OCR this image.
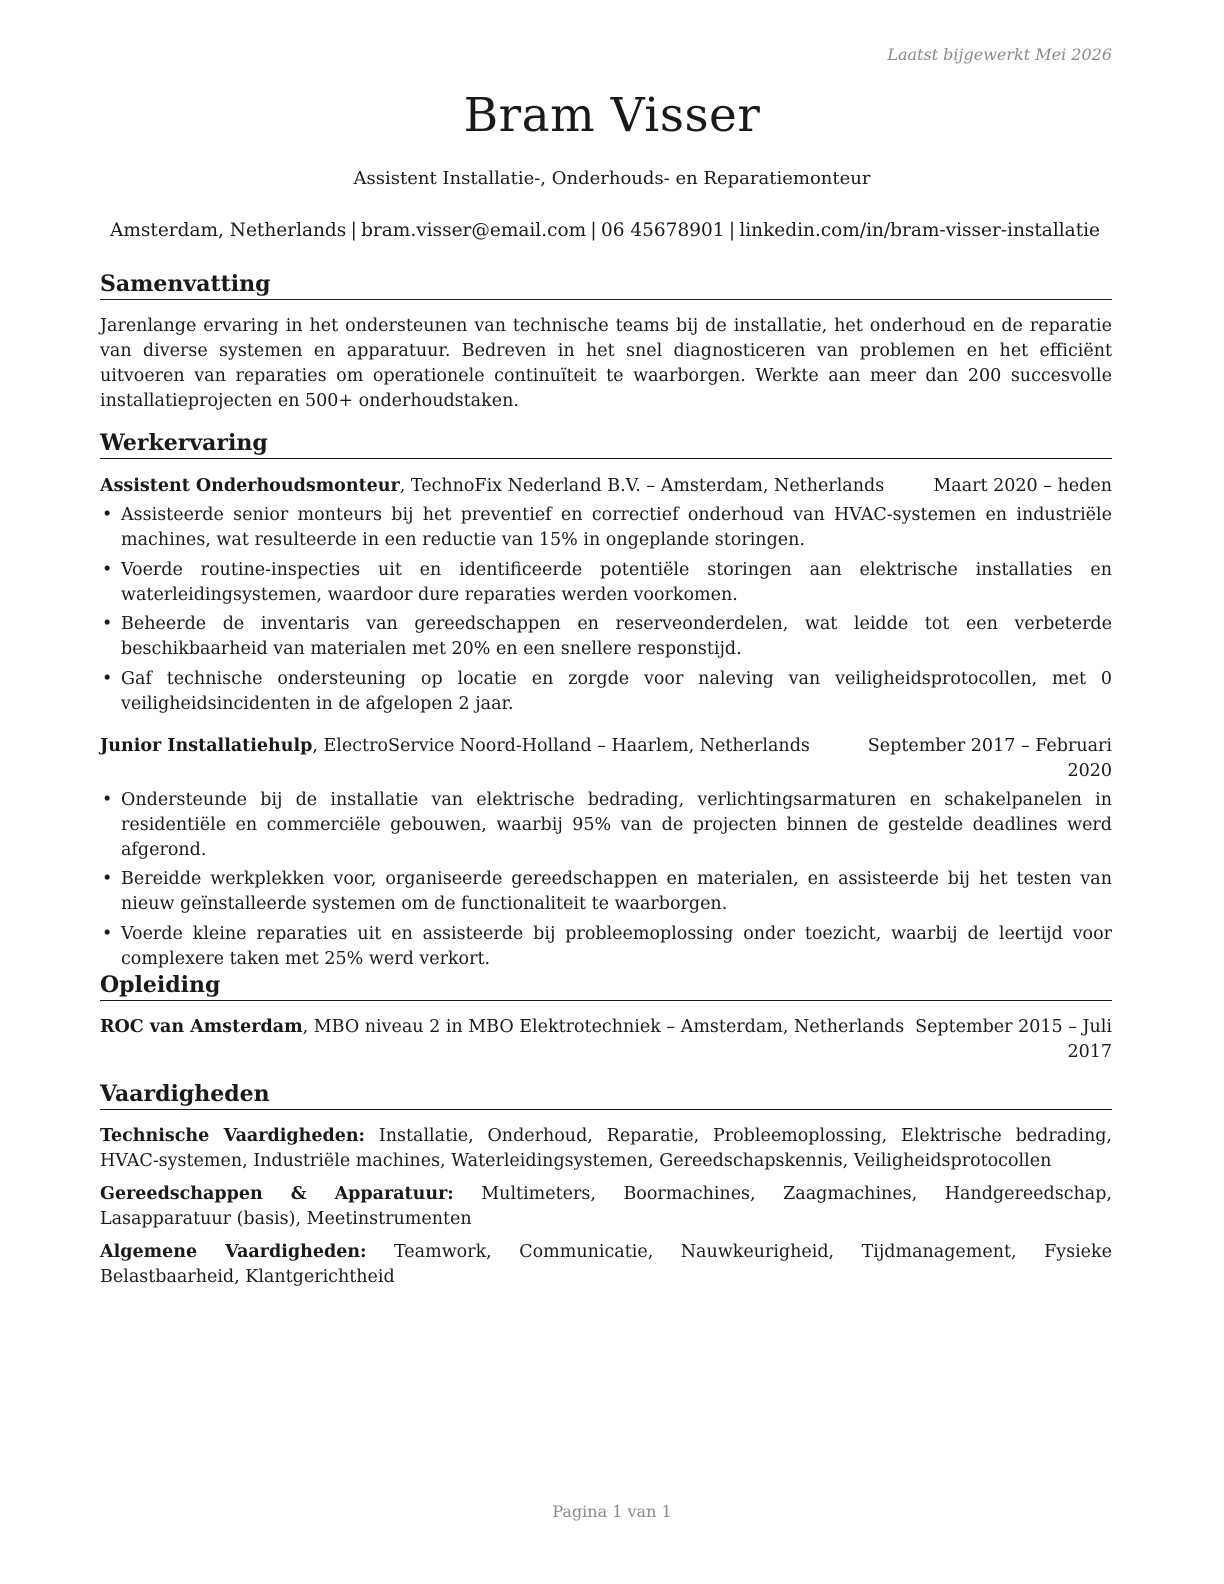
Laatst bijgewerkt Mei 2026
Bram Visser
Assistent Installatie-, Onderhouds- en Reparatiemonteur
Amsterdam, Netherlands | bram.visser@email.com | 06 45678901 | linkedin.com/in/bram-visser-installatie
Samenvatting
Jarenlange ervaring in het ondersteunen van technische teams bij de installatie, het onderhoud en de reparatie van diverse systemen en apparatuur. Bedreven in het snel diagnosticeren van problemen en het efficiënt uitvoeren van reparaties om operationele continuïteit te waarborgen. Werkte aan meer dan 200 succesvolle installatieprojecten en 500+ onderhoudstaken.
Werkervaring
Assistent Onderhoudsmonteur, TechnoFix Nederland B.V. – Amsterdam, Netherlands	Maart 2020 – heden
• Assisteerde senior monteurs bij het preventief en correctief onderhoud van HVAC-systemen en industriële machines, wat resulteerde in een reductie van 15% in ongeplande storingen.
• Voerde routine-inspecties uit en identificeerde potentiële storingen aan elektrische installaties en waterleidingsystemen, waardoor dure reparaties werden voorkomen.
• Beheerde de inventaris van gereedschappen en reserveonderdelen, wat leidde tot een verbeterde beschikbaarheid van materialen met 20% en een snellere responstijd.
• Gaf technische ondersteuning op locatie en zorgde voor naleving van veiligheidsprotocollen, met 0 veiligheidsincidenten in de afgelopen 2 jaar.
Junior Installatiehulp, ElectroService Noord-Holland – Haarlem, Netherlands	September 2017 – Februari
2020
• Ondersteunde bij de installatie van elektrische bedrading, verlichtingsarmaturen en schakelpanelen in residentiële en commerciële gebouwen, waarbij 95% van de projecten binnen de gestelde deadlines werd afgerond.
• Bereidde werkplekken voor, organiseerde gereedschappen en materialen, en assisteerde bij het testen van nieuw geïnstalleerde systemen om de functionaliteit te waarborgen.
• Voerde kleine reparaties uit en assisteerde bij probleemoplossing onder toezicht, waarbij de leertijd voor complexere taken met 25% werd verkort.
Opleiding
ROC van Amsterdam, MBO niveau 2 in MBO Elektrotechniek – Amsterdam, Netherlands September 2015 – Juli
2017
Vaardigheden
Technische Vaardigheden: Installatie, Onderhoud, Reparatie, Probleemoplossing, Elektrische bedrading, HVAC-systemen, Industriële machines, Waterleidingsystemen, Gereedschapskennis, Veiligheidsprotocollen
Gereedschappen & Apparatuur: Multimeters, Boormachines, Zaagmachines, Handgereedschap, Lasapparatuur (basis), Meetinstrumenten
Algemene Vaardigheden: Teamwork, Communicatie, Nauwkeurigheid, Tijdmanagement, Fysieke Belastbaarheid, Klantgerichtheid
Pagina 1 van 1
